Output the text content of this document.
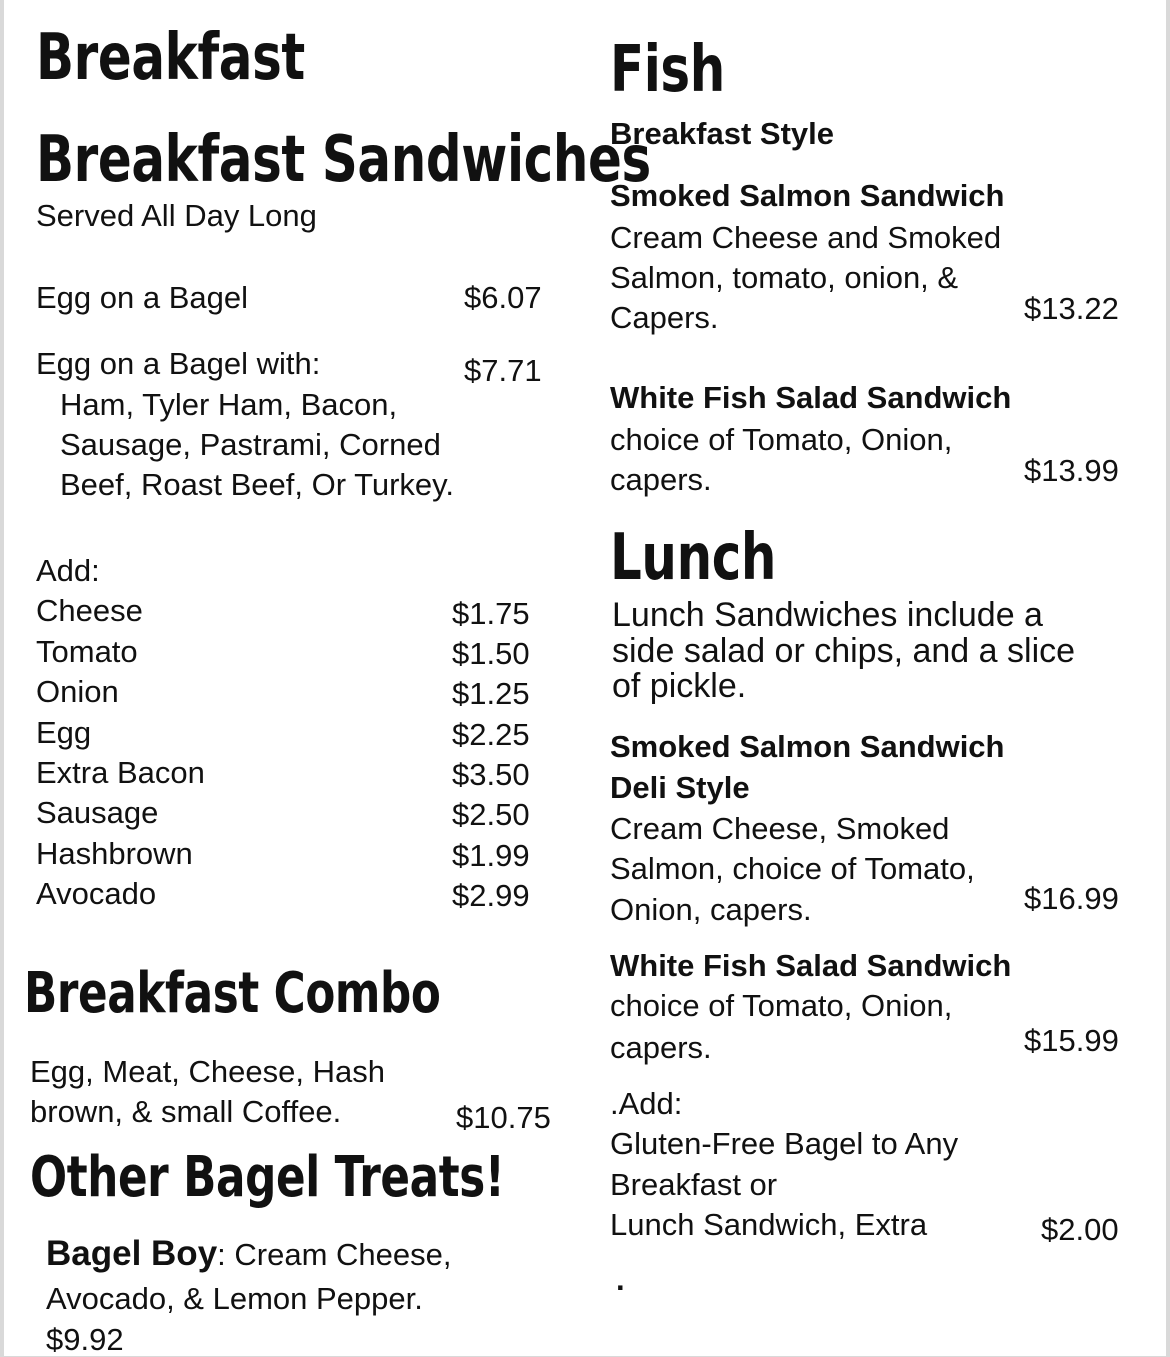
Breakfast
Breakfast Sandwiches
Served All Day Long
Egg on a Bagel	$6.07
Egg on a Bagel with:	$7.71
Ham, Tyler Ham, Bacon,
Sausage, Pastrami, Corned
Beef, Roast Beef, Or Turkey.
Add:
Cheese	$1.75
Tomato	$1.50
Onion	$1.25
Egg	$2.25
Extra Bacon	$3.50
Sausage	$2.50
Hashbrown	$1.99
Avocado	$2.99
Breakfast Combo
Egg, Meat, Cheese, Hash
brown, & small Coffee.	$10.75
Other Bagel Treats!
Bagel Boy: Cream Cheese,
Avocado, & Lemon Pepper.
$9.92
Fish
Breakfast Style
Smoked Salmon Sandwich
Cream Cheese and Smoked
Salmon, tomato, onion, &
Capers.	$13.22
White Fish Salad Sandwich
choice of Tomato, Onion,
capers.	$13.99
Lunch
Lunch Sandwiches include a
side salad or chips, and a slice
of pickle.
Smoked Salmon Sandwich
Deli Style
Cream Cheese, Smoked
Salmon, choice of Tomato,
Onion, capers.	$16.99
White Fish Salad Sandwich
choice of Tomato, Onion,
capers.	$15.99
.Add:
Gluten-Free Bagel to Any
Breakfast or
Lunch Sandwich, Extra	$2.00
.
